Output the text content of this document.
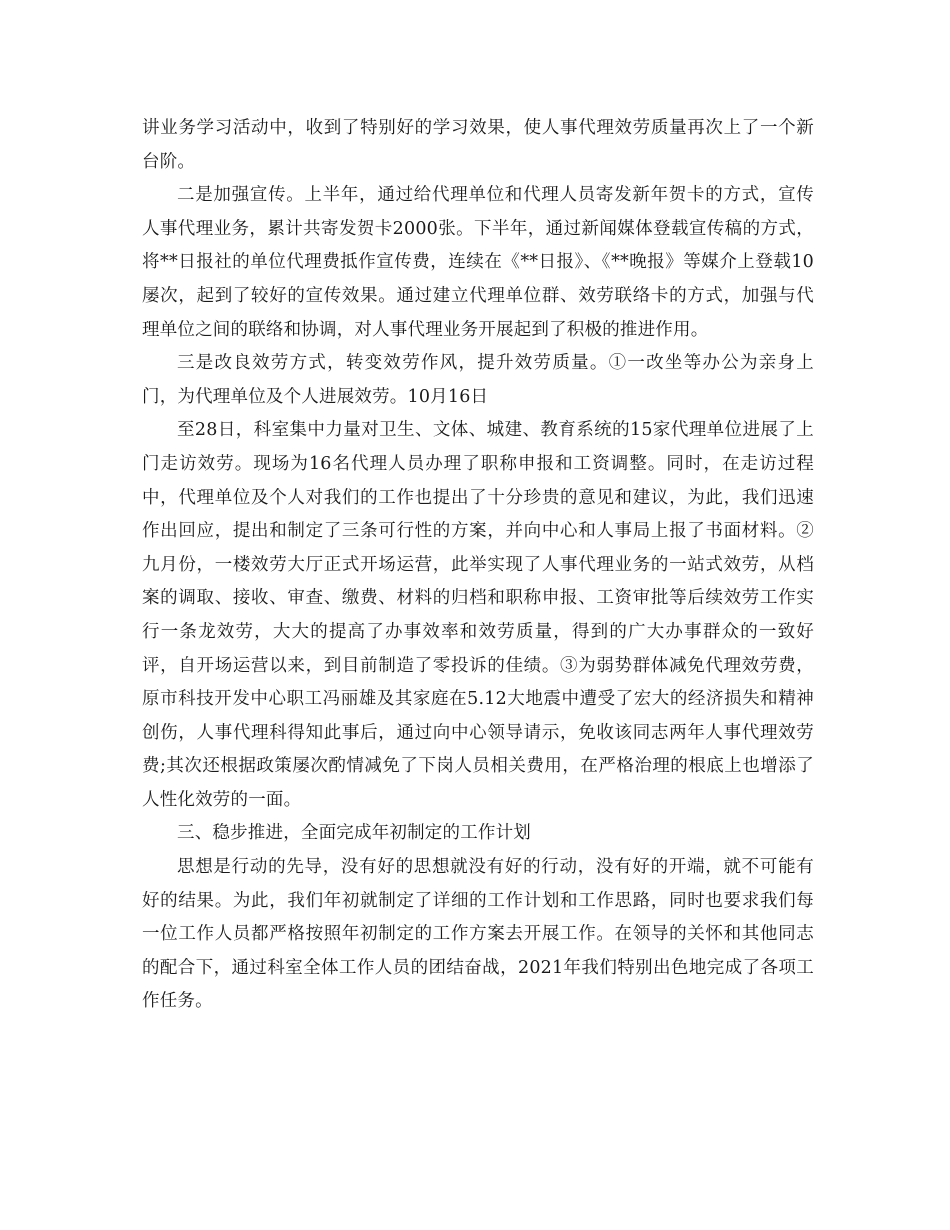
讲业务学习活动中，收到了特别好的学习效果，使人事代理效劳质量再次上了一个新台阶。

二是加强宣传。上半年，通过给代理单位和代理人员寄发新年贺卡的方式，宣传人事代理业务，累计共寄发贺卡2000张。下半年，通过新闻媒体登载宣传稿的方式，将**日报社的单位代理费抵作宣传费，连续在《**日报》、《**晚报》等媒介上登载10屡次，起到了较好的宣传效果。通过建立代理单位群、效劳联络卡的方式，加强与代理单位之间的联络和协调，对人事代理业务开展起到了积极的推进作用。

三是改良效劳方式，转变效劳作风，提升效劳质量。①一改坐等办公为亲身上门，为代理单位及个人进展效劳。10月16日

至28日，科室集中力量对卫生、文体、城建、教育系统的15家代理单位进展了上门走访效劳。现场为16名代理人员办理了职称申报和工资调整。同时，在走访过程中，代理单位及个人对我们的工作也提出了十分珍贵的意见和建议，为此，我们迅速作出回应，提出和制定了三条可行性的方案，并向中心和人事局上报了书面材料。②九月份，一楼效劳大厅正式开场运营，此举实现了人事代理业务的一站式效劳，从档案的调取、接收、审查、缴费、材料的归档和职称申报、工资审批等后续效劳工作实行一条龙效劳，大大的提高了办事效率和效劳质量，得到的广大办事群众的一致好评，自开场运营以来，到目前制造了零投诉的佳绩。③为弱势群体减免代理效劳费，原市科技开发中心职工冯丽雄及其家庭在5.12大地震中遭受了宏大的经济损失和精神创伤，人事代理科得知此事后，通过向中心领导请示，免收该同志两年人事代理效劳费;其次还根据政策屡次酌情减免了下岗人员相关费用，在严格治理的根底上也增添了人性化效劳的一面。

三、稳步推进，全面完成年初制定的工作计划

思想是行动的先导，没有好的思想就没有好的行动，没有好的开端，就不可能有好的结果。为此，我们年初就制定了详细的工作计划和工作思路，同时也要求我们每一位工作人员都严格按照年初制定的工作方案去开展工作。在领导的关怀和其他同志的配合下，通过科室全体工作人员的团结奋战，2021年我们特别出色地完成了各项工作任务。
